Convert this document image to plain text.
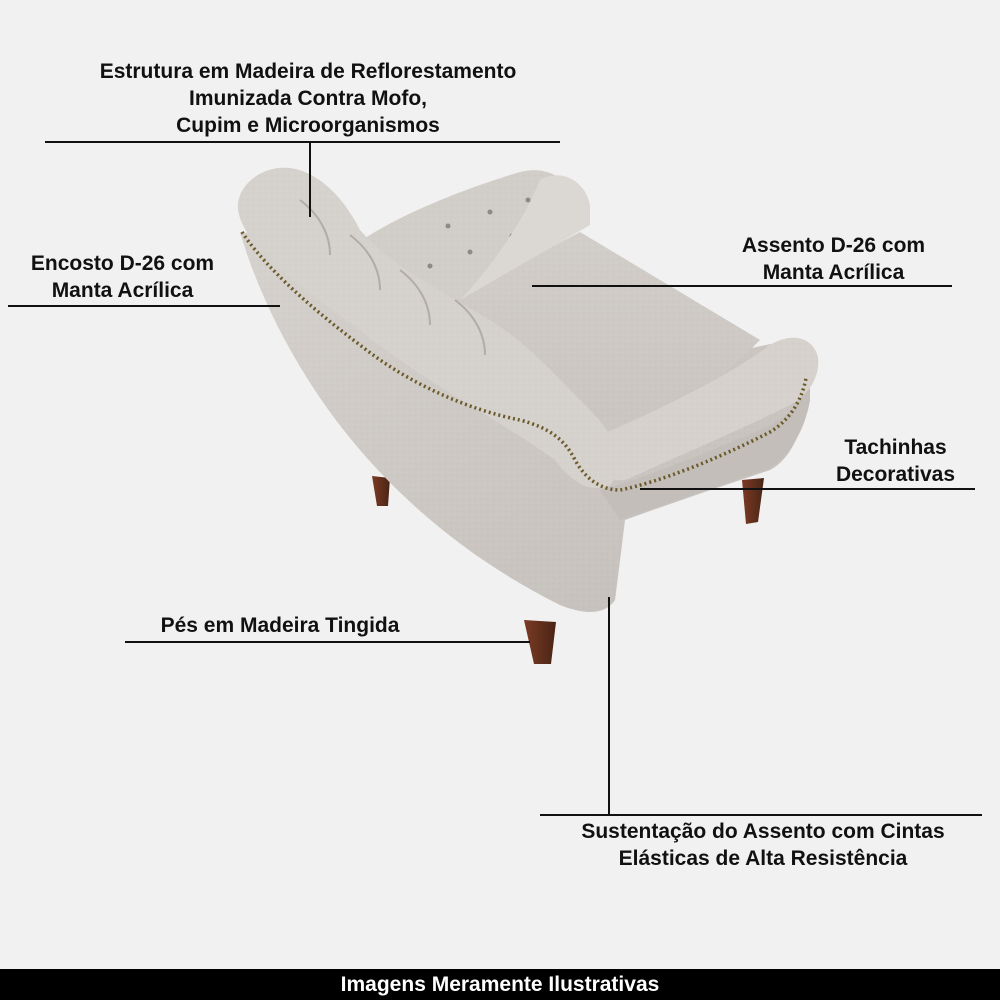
Estrutura em Madeira de Reflorestamento
Imunizada Contra Mofo,
Cupim e Microorganismos
Encosto D-26 com
Manta Acrílica
Assento D-26 com
Manta Acrílica
Tachinhas
Decorativas
Pés em Madeira Tingida
Sustentação do Assento com Cintas
Elásticas de Alta Resistência
Imagens Meramente Ilustrativas
